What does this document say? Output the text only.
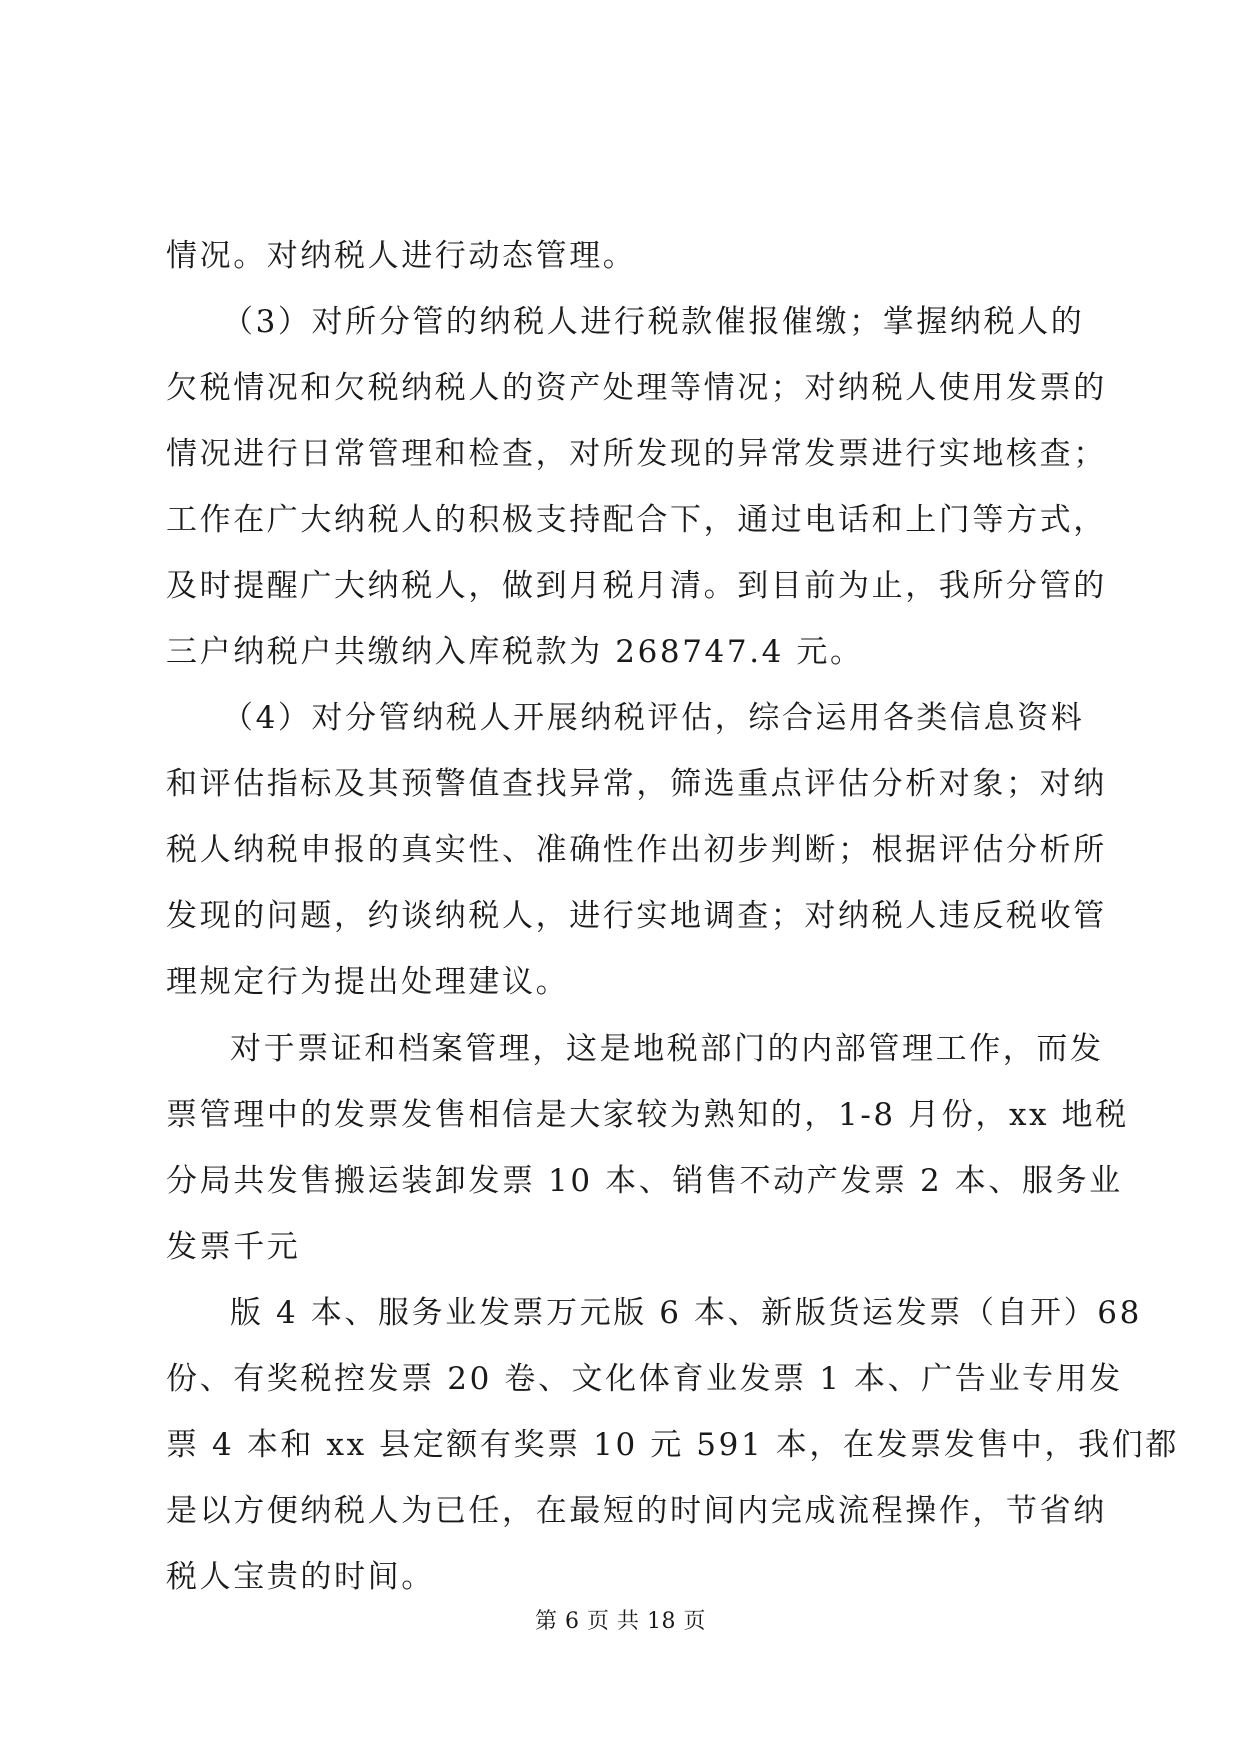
情况。对纳税人进行动态管理。
（3）对所分管的纳税人进行税款催报催缴；掌握纳税人的
欠税情况和欠税纳税人的资产处理等情况；对纳税人使用发票的
情况进行日常管理和检查，对所发现的异常发票进行实地核查；
工作在广大纳税人的积极支持配合下，通过电话和上门等方式，
及时提醒广大纳税人，做到月税月清。到目前为止，我所分管的
三户纳税户共缴纳入库税款为 268747.4 元。
（4）对分管纳税人开展纳税评估，综合运用各类信息资料
和评估指标及其预警值查找异常，筛选重点评估分析对象；对纳
税人纳税申报的真实性、准确性作出初步判断；根据评估分析所
发现的问题，约谈纳税人，进行实地调查；对纳税人违反税收管
理规定行为提出处理建议。
对于票证和档案管理，这是地税部门的内部管理工作，而发
票管理中的发票发售相信是大家较为熟知的，1-8 月份，xx 地税
分局共发售搬运装卸发票 10 本、销售不动产发票 2 本、服务业
发票千元
版 4 本、服务业发票万元版 6 本、新版货运发票（自开）68
份、有奖税控发票 20 卷、文化体育业发票 1 本、广告业专用发
票 4 本和 xx 县定额有奖票 10 元 591 本，在发票发售中，我们都
是以方便纳税人为已任，在最短的时间内完成流程操作，节省纳
税人宝贵的时间。
第 6 页 共 18 页
